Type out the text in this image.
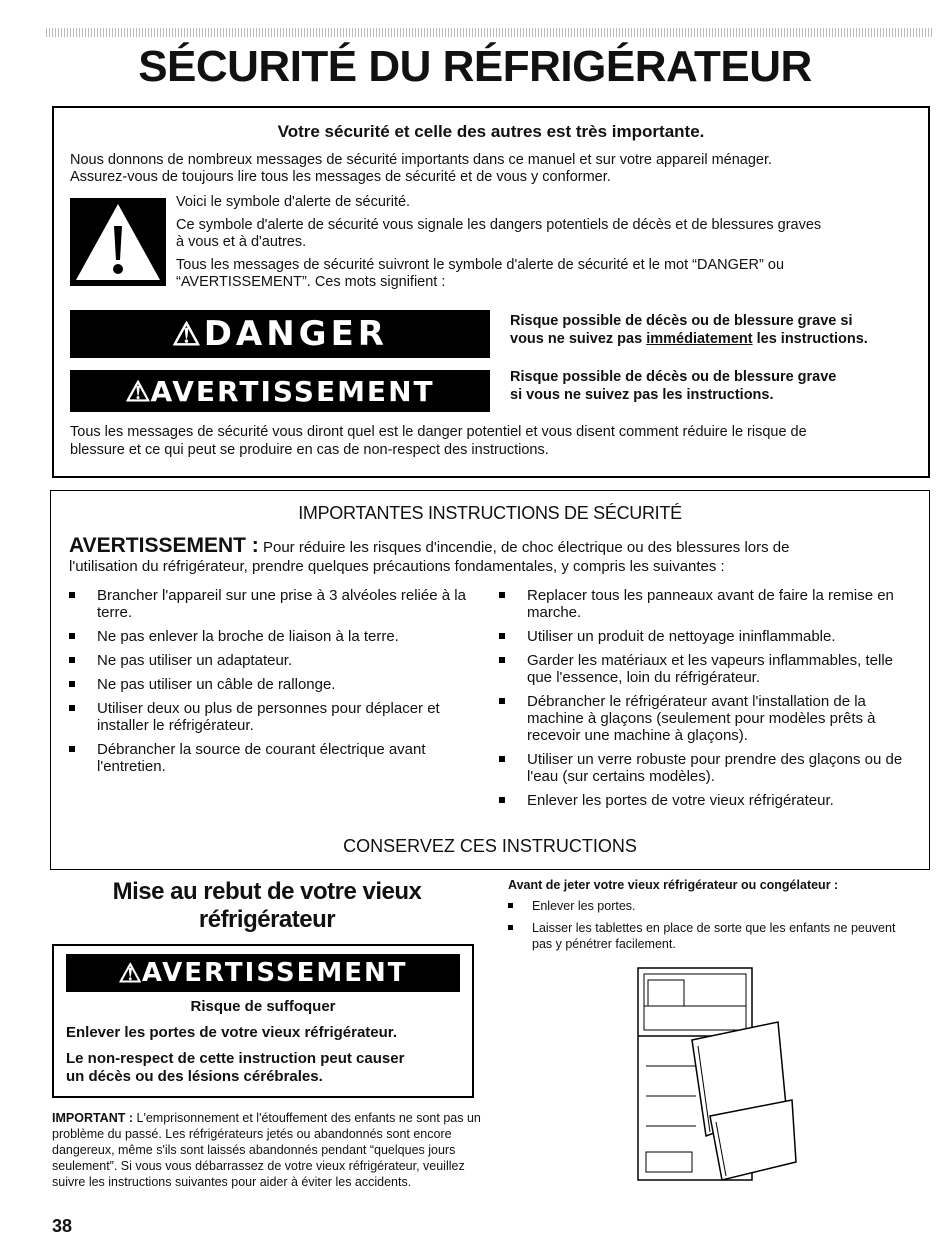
SÉCURITÉ DU RÉFRIGÉRATEUR
Votre sécurité et celle des autres est très importante.

Nous donnons de nombreux messages de sécurité importants dans ce manuel et sur votre appareil ménager.

Assurez-vous de toujours lire tous les messages de sécurité et de vous y conformer.

Voici le symbole d'alerte de sécurité.

Ce symbole d'alerte de sécurité vous signale les dangers potentiels de décès et de blessures graves

à vous et à d'autres.

Tous les messages de sécurité suivront le symbole d'alerte de sécurité et le mot “DANGER” ou

“AVERTISSEMENT”. Ces mots signifient :

⚠ DANGER	Risque possible de décès ou de blessure grave si
vous ne suivez pas immédiatement les instructions.
⚠ AVERTISSEMENT	Risque possible de décès ou de blessure grave
si vous ne suivez pas les instructions.

Tous les messages de sécurité vous diront quel est le danger potentiel et vous disent comment réduire le risque de

blessure et ce qui peut se produire en cas de non-respect des instructions.

IMPORTANTES INSTRUCTIONS DE SÉCURITÉ
AVERTISSEMENT : Pour réduire les risques d'incendie, de choc électrique ou des blessures lors de
l'utilisation du réfrigérateur, prendre quelques précautions fondamentales, y compris les suivantes :
Brancher l'appareil sur une prise à 3 alvéoles reliée à la terre.
Ne pas enlever la broche de liaison à la terre.
Ne pas utiliser un adaptateur.
Ne pas utiliser un câble de rallonge.
Utiliser deux ou plus de personnes pour déplacer et installer le réfrigérateur.
Débrancher la source de courant électrique avant l'entretien.
Replacer tous les panneaux avant de faire la remise en marche.
Utiliser un produit de nettoyage ininflammable.
Garder les matériaux et les vapeurs inflammables, telle que l'essence, loin du réfrigérateur.
Débrancher le réfrigérateur avant l'installation de la machine à glaçons (seulement pour modèles prêts à recevoir une machine à glaçons).
Utiliser un verre robuste pour prendre des glaçons ou de l'eau (sur certains modèles).
Enlever les portes de votre vieux réfrigérateur.
CONSERVEZ CES INSTRUCTIONS
Mise au rebut de votre vieux
réfrigérateur
⚠ AVERTISSEMENT
Risque de suffoquer
Enlever les portes de votre vieux réfrigérateur.
Le non-respect de cette instruction peut causer
un décès ou des lésions cérébrales.
IMPORTANT : L'emprisonnement et l'étouffement des enfants ne sont pas un problème du passé. Les réfrigérateurs jetés ou abandonnés sont encore dangereux, même s'ils sont laissés abandonnés pendant “quelques jours seulement”. Si vous vous débarrassez de votre vieux réfrigérateur, veuillez suivre les instructions suivantes pour aider à éviter les accidents.
Avant de jeter votre vieux réfrigérateur ou congélateur :
Enlever les portes.
Laisser les tablettes en place de sorte que les enfants ne peuvent pas y pénétrer facilement.
38
